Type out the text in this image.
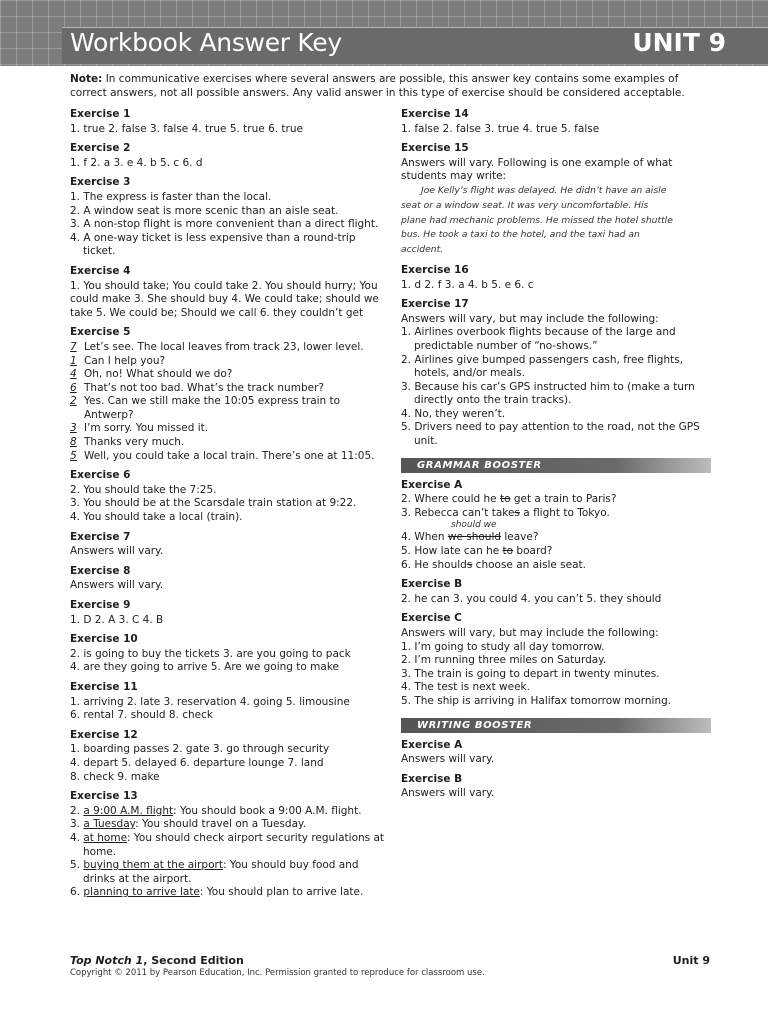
Workbook Answer Key	UNIT 9
Note: In communicative exercises where several answers are possible, this answer key contains some examples of correct answers, not all possible answers. Any valid answer in this type of exercise should be considered acceptable.
Exercise 1
1. true 2. false 3. false 4. true 5. true 6. true
Exercise 2
1. f 2. a 3. e 4. b 5. c 6. d
Exercise 3
1. The express is faster than the local.
2. A window seat is more scenic than an aisle seat.
3. A non-stop flight is more convenient than a direct flight.
4. A one-way ticket is less expensive than a round-trip ticket.
Exercise 4
1. You should take; You could take 2. You should hurry; You could make 3. She should buy 4. We could take; should we take 5. We could be; Should we call 6. they couldn’t get
Exercise 5
7 Let’s see. The local leaves from track 23, lower level.
1 Can I help you?
4 Oh, no! What should we do?
6 That’s not too bad. What’s the track number?
2 Yes. Can we still make the 10:05 express train to Antwerp?
3 I’m sorry. You missed it.
8 Thanks very much.
5 Well, you could take a local train. There’s one at 11:05.
Exercise 6
2. You should take the 7:25.
3. You should be at the Scarsdale train station at 9:22.
4. You should take a local (train).
Exercise 7
Answers will vary.
Exercise 8
Answers will vary.
Exercise 9
1. D 2. A 3. C 4. B
Exercise 10
2. is going to buy the tickets 3. are you going to pack
4. are they going to arrive 5. Are we going to make
Exercise 11
1. arriving 2. late 3. reservation 4. going 5. limousine
6. rental 7. should 8. check
Exercise 12
1. boarding passes 2. gate 3. go through security
4. depart 5. delayed 6. departure lounge 7. land
8. check 9. make
Exercise 13
2. a 9:00 A.M. flight: You should book a 9:00 A.M. flight.
3. a Tuesday: You should travel on a Tuesday.
4. at home: You should check airport security regulations at home.
5. buying them at the airport: You should buy food and drinks at the airport.
6. planning to arrive late: You should plan to arrive late.
Exercise 14
1. false 2. false 3. true 4. true 5. false
Exercise 15
Answers will vary. Following is one example of what students may write:
Joe Kelly’s flight was delayed. He didn’t have an aisle
seat or a window seat. It was very uncomfortable. His
plane had mechanic problems. He missed the hotel shuttle
bus. He took a taxi to the hotel, and the taxi had an
accident.
Exercise 16
1. d 2. f 3. a 4. b 5. e 6. c
Exercise 17
Answers will vary, but may include the following:
1. Airlines overbook flights because of the large and predictable number of “no-shows.”
2. Airlines give bumped passengers cash, free flights, hotels, and/or meals.
3. Because his car’s GPS instructed him to (make a turn directly onto the train tracks).
4. No, they weren’t.
5. Drivers need to pay attention to the road, not the GPS unit.
GRAMMAR BOOSTER
Exercise A
2. Where could he to get a train to Paris?
3. Rebecca can’t takes a flight to Tokyo.
should we
4. When we should leave?
5. How late can he to board?
6. He shoulds choose an aisle seat.
Exercise B
2. he can 3. you could 4. you can’t 5. they should
Exercise C
Answers will vary, but may include the following:
1. I’m going to study all day tomorrow.
2. I’m running three miles on Saturday.
3. The train is going to depart in twenty minutes.
4. The test is next week.
5. The ship is arriving in Halifax tomorrow morning.
WRITING BOOSTER
Exercise A
Answers will vary.
Exercise B
Answers will vary.
Top Notch 1, Second Edition	Unit 9
Copyright © 2011 by Pearson Education, Inc. Permission granted to reproduce for classroom use.
